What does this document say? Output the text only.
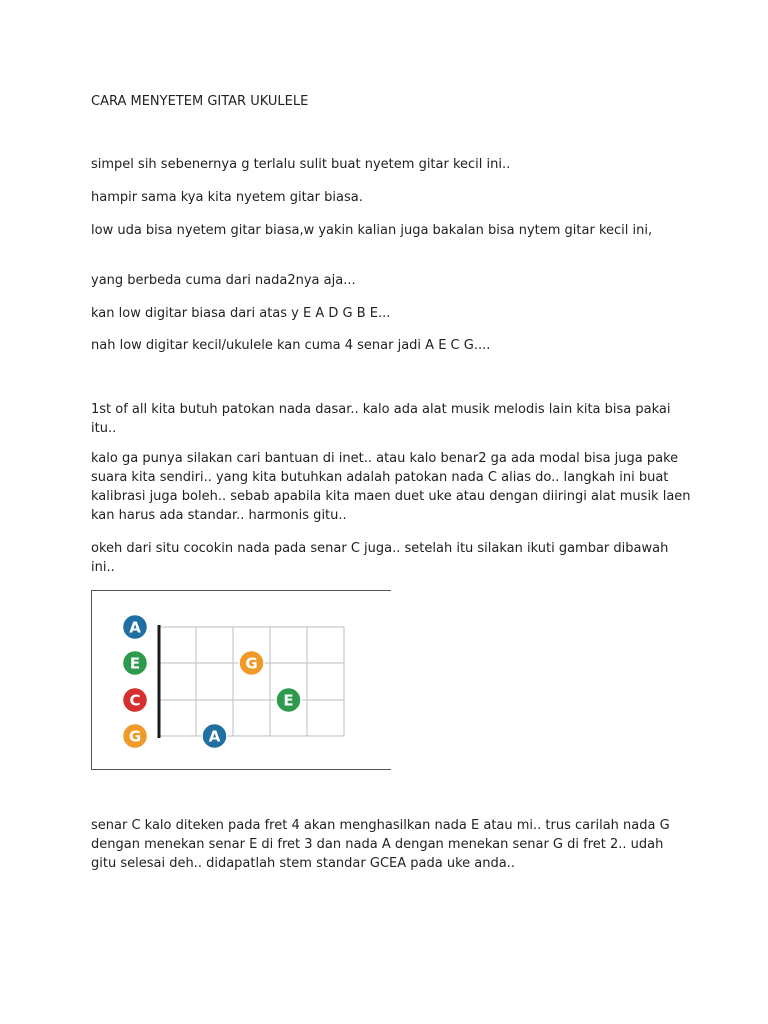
CARA MENYETEM GITAR UKULELE

simpel sih sebenernya g terlalu sulit buat nyetem gitar kecil ini..

hampir sama kya kita nyetem gitar biasa.

low uda bisa nyetem gitar biasa,w yakin kalian juga bakalan bisa nytem gitar kecil ini,

yang berbeda cuma dari nada2nya aja...

kan low digitar biasa dari atas y E A D G B E...

nah low digitar kecil/ukulele kan cuma 4 senar jadi A E C G....

1st of all kita butuh patokan nada dasar.. kalo ada alat musik melodis lain kita bisa pakai itu..

kalo ga punya silakan cari bantuan di inet.. atau kalo benar2 ga ada modal bisa juga pake suara kita sendiri.. yang kita butuhkan adalah patokan nada C alias do.. langkah ini buat kalibrasi juga boleh.. sebab apabila kita maen duet uke atau dengan diiringi alat musik laen kan harus ada standar.. harmonis gitu..

okeh dari situ cocokin nada pada senar C juga.. setelah itu silakan ikuti gambar dibawah ini..

A
E
C
G
G
E
A

senar C kalo diteken pada fret 4 akan menghasilkan nada E atau mi.. trus carilah nada G dengan menekan senar E di fret 3 dan nada A dengan menekan senar G di fret 2.. udah gitu selesai deh.. didapatlah stem standar GCEA pada uke anda..
